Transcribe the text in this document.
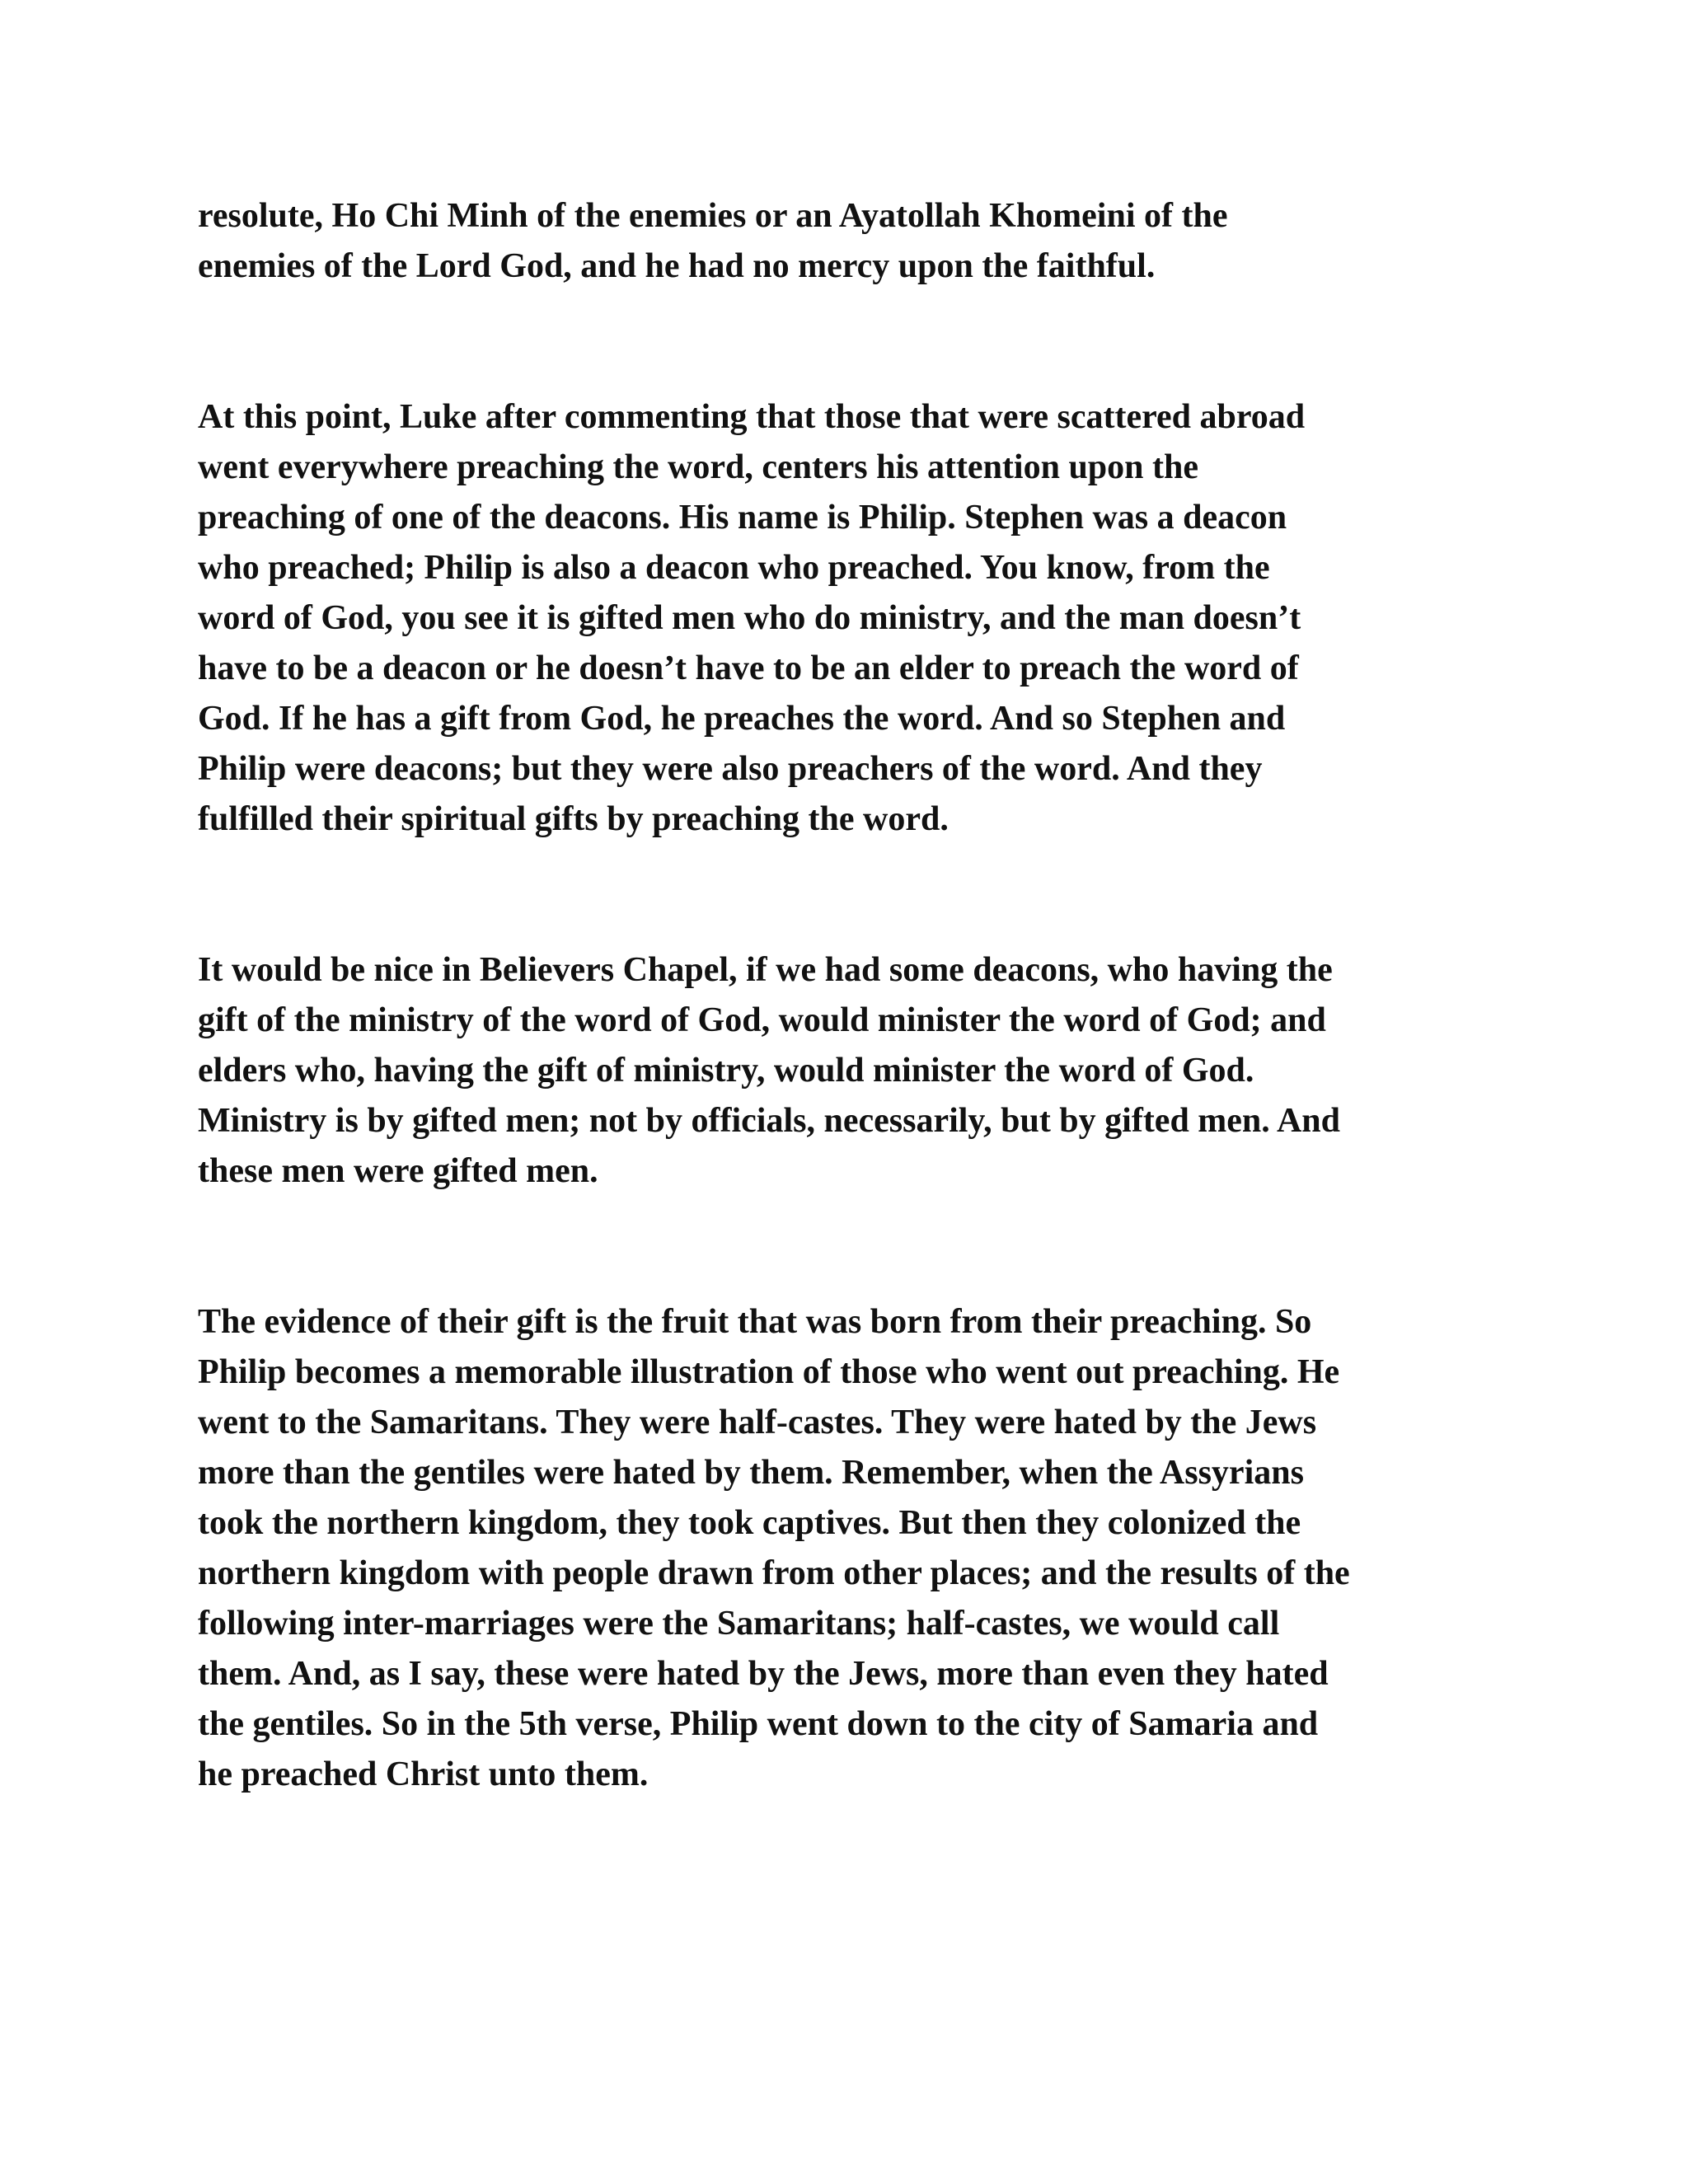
resolute, Ho Chi Minh of the enemies or an Ayatollah Khomeini of the
enemies of the Lord God, and he had no mercy upon the faithful.
At this point, Luke after commenting that those that were scattered abroad
went everywhere preaching the word, centers his attention upon the
preaching of one of the deacons. His name is Philip. Stephen was a deacon
who preached; Philip is also a deacon who preached. You know, from the
word of God, you see it is gifted men who do ministry, and the man doesn’t
have to be a deacon or he doesn’t have to be an elder to preach the word of
God. If he has a gift from God, he preaches the word. And so Stephen and
Philip were deacons; but they were also preachers of the word. And they
fulfilled their spiritual gifts by preaching the word.
It would be nice in Believers Chapel, if we had some deacons, who having the
gift of the ministry of the word of God, would minister the word of God; and
elders who, having the gift of ministry, would minister the word of God.
Ministry is by gifted men; not by officials, necessarily, but by gifted men. And
these men were gifted men.
The evidence of their gift is the fruit that was born from their preaching. So
Philip becomes a memorable illustration of those who went out preaching. He
went to the Samaritans. They were half-castes. They were hated by the Jews
more than the gentiles were hated by them. Remember, when the Assyrians
took the northern kingdom, they took captives. But then they colonized the
northern kingdom with people drawn from other places; and the results of the
following inter-marriages were the Samaritans; half-castes, we would call
them. And, as I say, these were hated by the Jews, more than even they hated
the gentiles. So in the 5th verse, Philip went down to the city of Samaria and
he preached Christ unto them.
